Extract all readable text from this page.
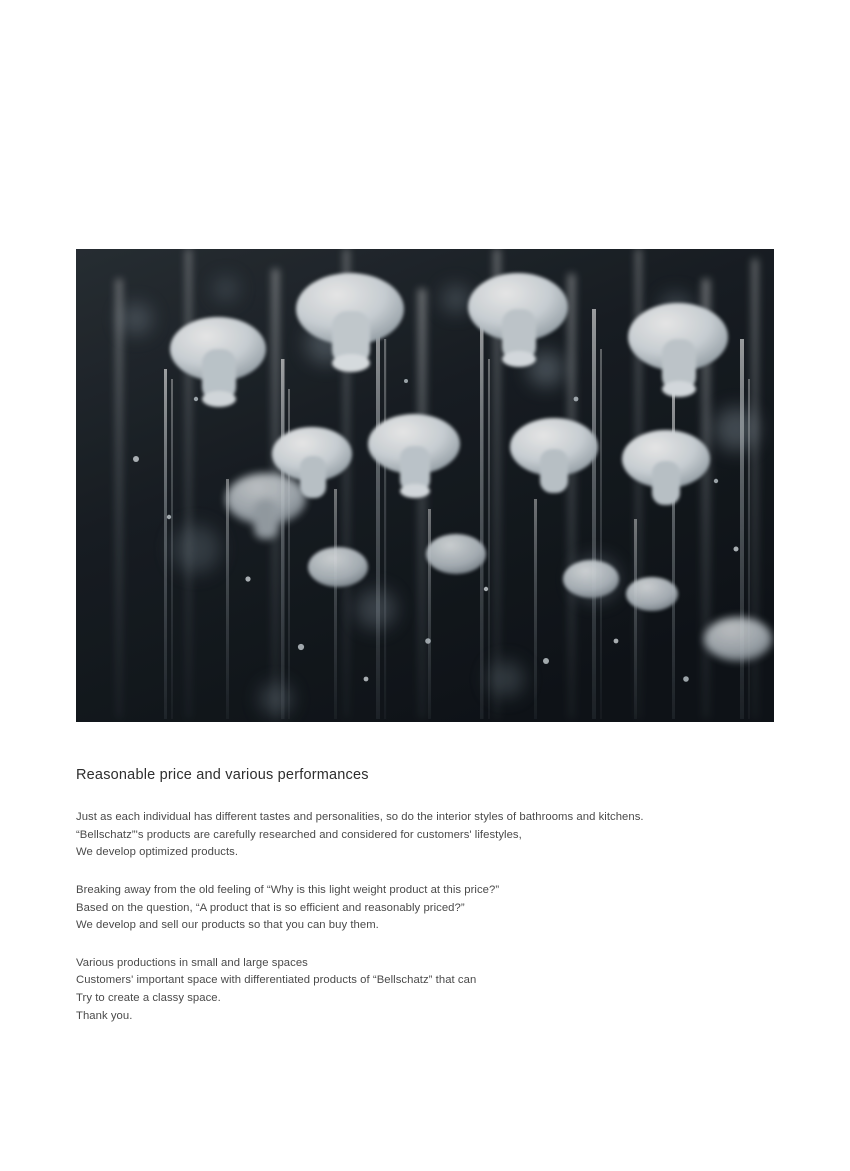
Reasonable price and various performances
Just as each individual has different tastes and personalities, so do the interior styles of bathrooms and kitchens.
“Bellschatz”'s products are carefully researched and considered for customers' lifestyles,
We develop optimized products.
Breaking away from the old feeling of “Why is this light weight product at this price?”
Based on the question, “A product that is so efficient and reasonably priced?”
We develop and sell our products so that you can buy them.
Various productions in small and large spaces
Customers' important space with differentiated products of “Bellschatz” that can
Try to create a classy space.
Thank you.
